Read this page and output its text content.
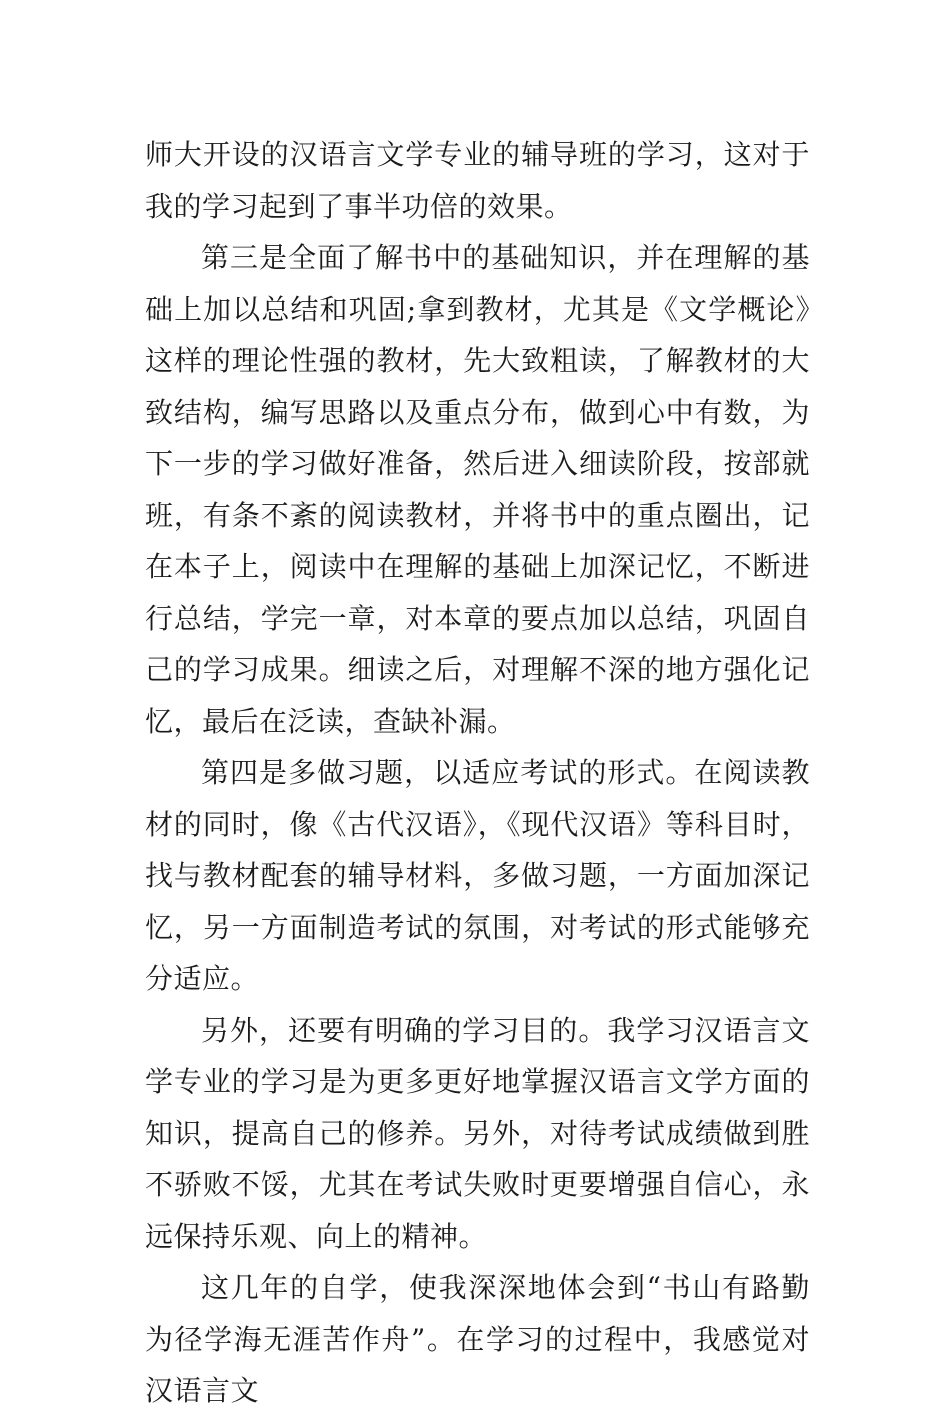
师大开设的汉语言文学专业的辅导班的学习，这对于我的学习起到了事半功倍的效果。

第三是全面了解书中的基础知识，并在理解的基础上加以总结和巩固;拿到教材，尤其是《文学概论》这样的理论性强的教材，先大致粗读，了解教材的大致结构，编写思路以及重点分布，做到心中有数，为下一步的学习做好准备，然后进入细读阶段，按部就班，有条不紊的阅读教材，并将书中的重点圈出，记在本子上，阅读中在理解的基础上加深记忆，不断进行总结，学完一章，对本章的要点加以总结，巩固自己的学习成果。细读之后，对理解不深的地方强化记忆，最后在泛读，查缺补漏。

第四是多做习题，以适应考试的形式。在阅读教材的同时，像《古代汉语》，《现代汉语》等科目时，找与教材配套的辅导材料，多做习题，一方面加深记忆，另一方面制造考试的氛围，对考试的形式能够充分适应。

另外，还要有明确的学习目的。我学习汉语言文学专业的学习是为更多更好地掌握汉语言文学方面的知识，提高自己的修养。另外，对待考试成绩做到胜不骄败不馁，尤其在考试失败时更要增强自信心，永远保持乐观、向上的精神。

这几年的自学，使我深深地体会到“书山有路勤为径学海无涯苦作舟”。在学习的过程中，我感觉对汉语言文
